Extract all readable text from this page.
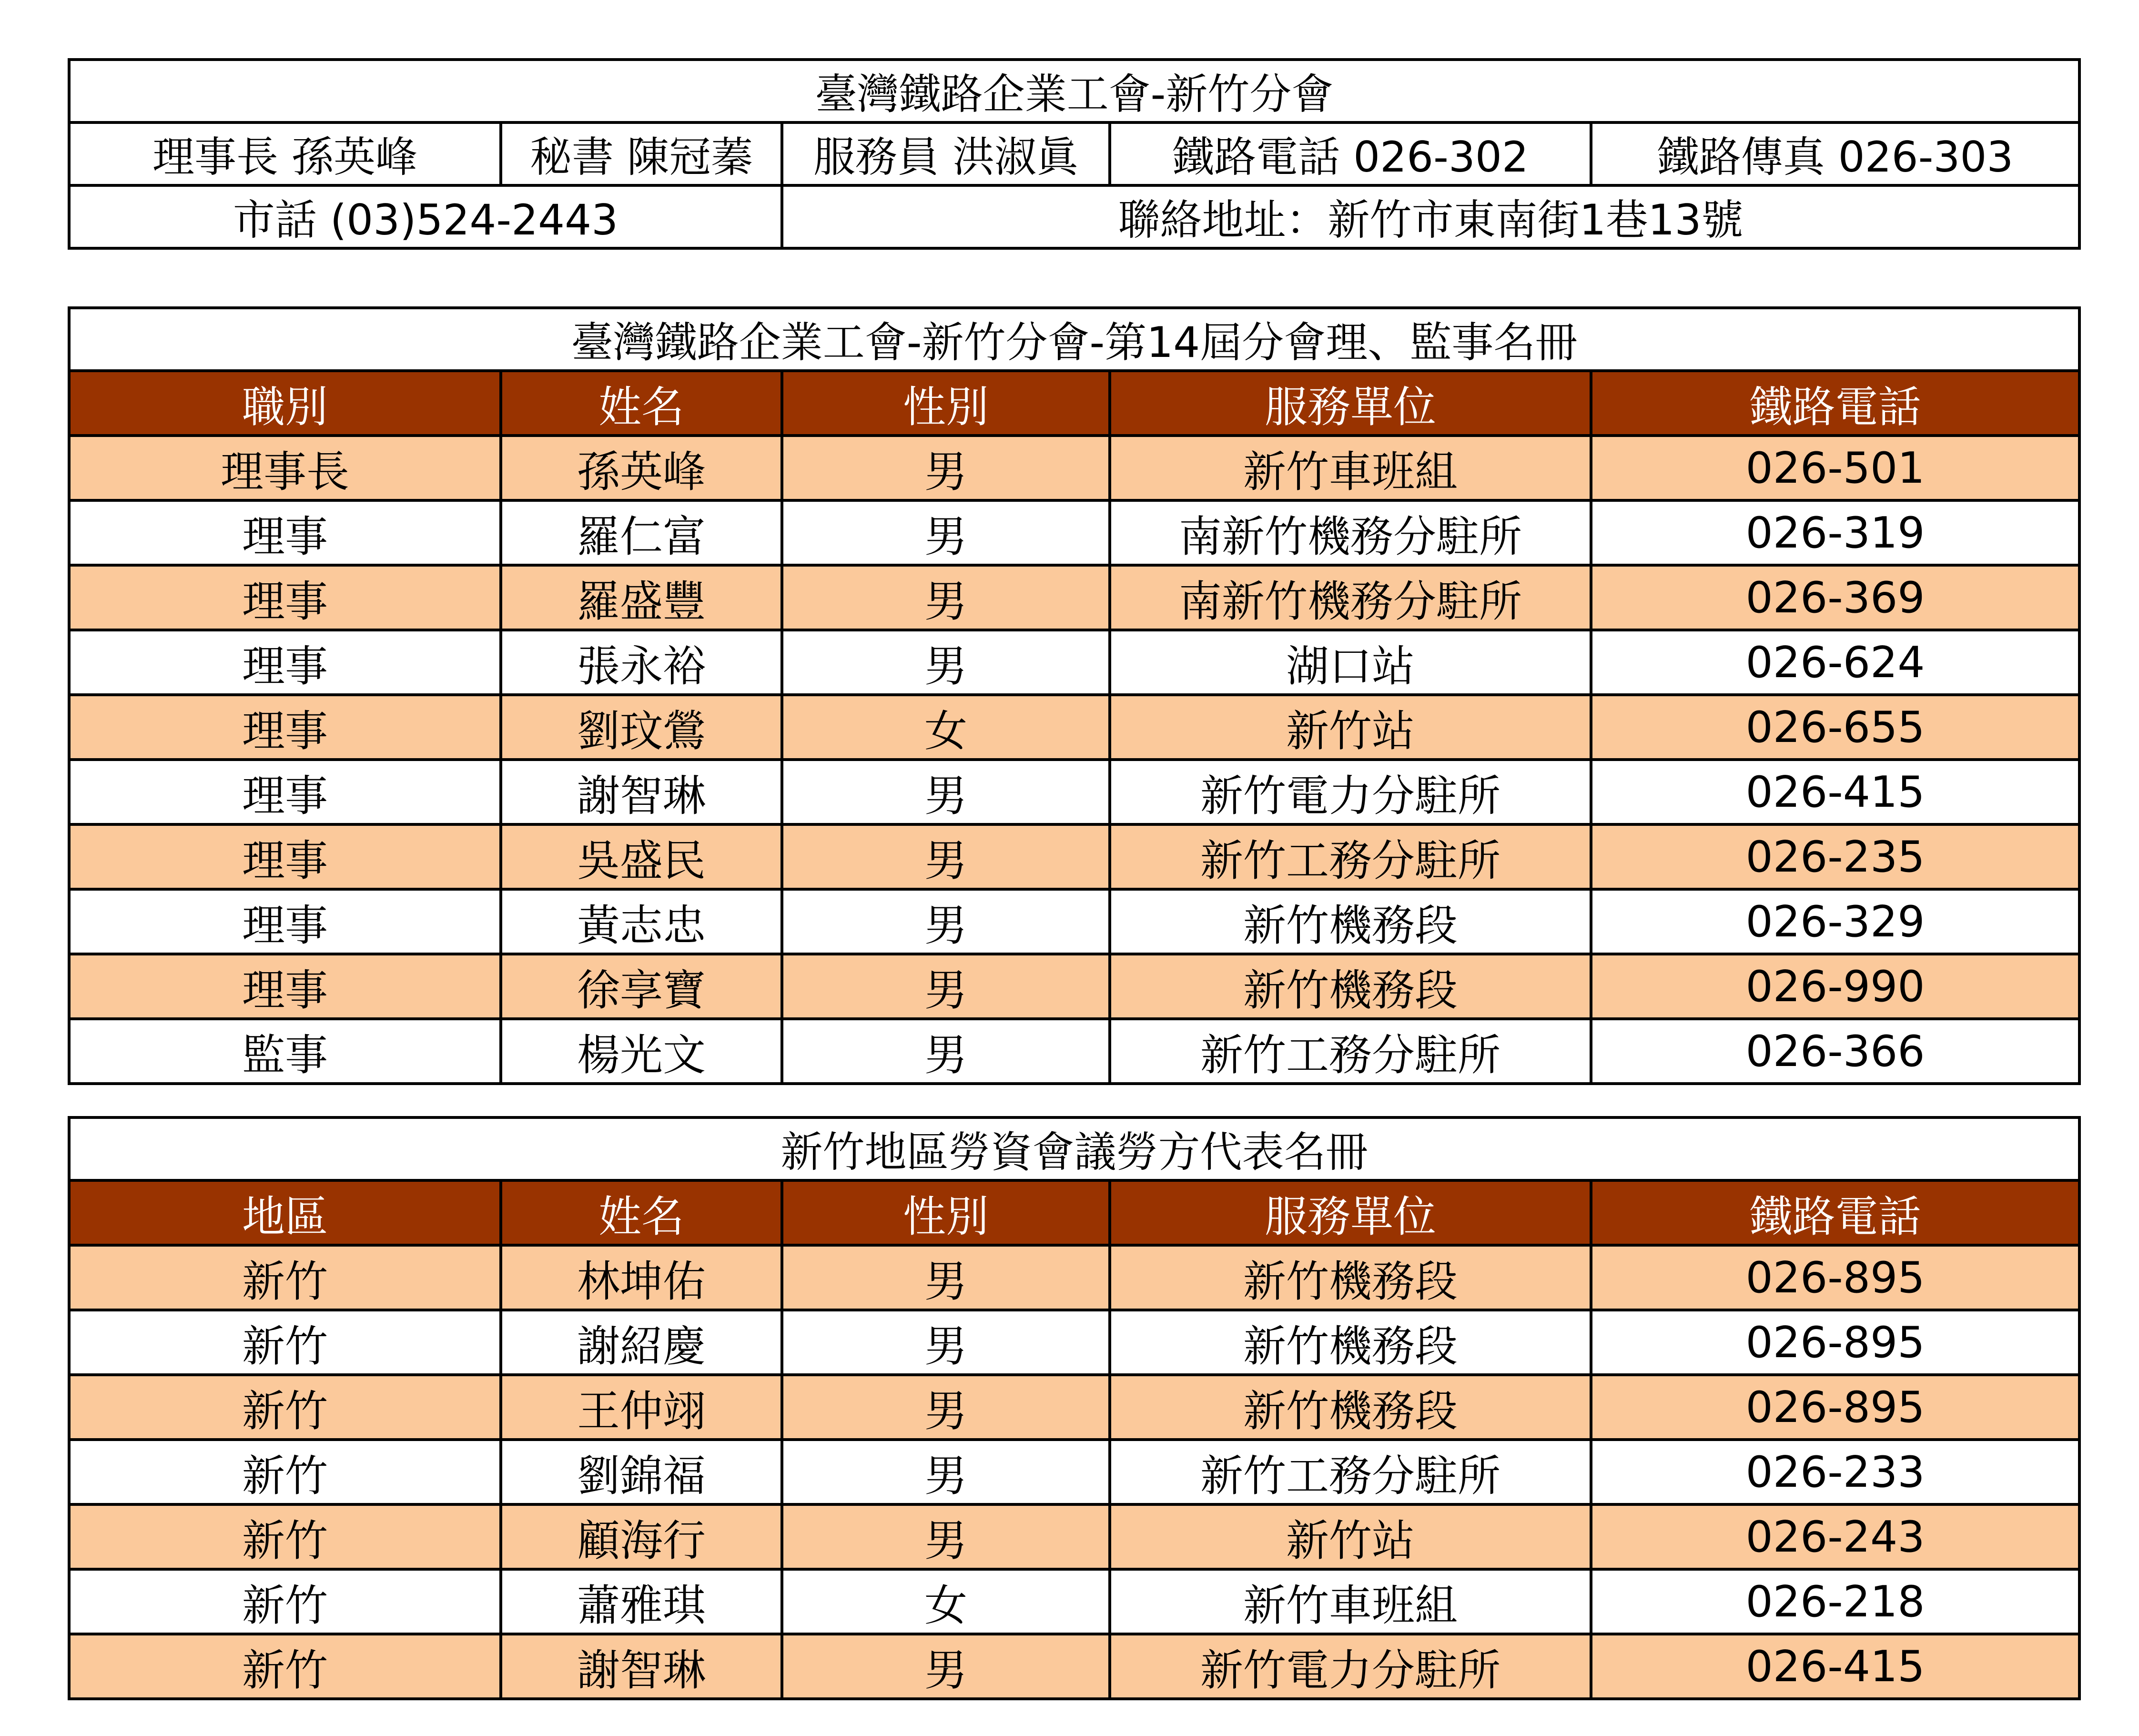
臺灣鐵路企業工會-新竹分會				
理事長 孫英峰	秘書 陳冠蓁	服務員 洪淑眞	鐵路電話 026-302	鐵路傳真 026-303
市話 (03)524-2443		聯絡地址：新竹市東南街1巷13號		
臺灣鐵路企業工會-新竹分會-第14屆分會理、監事名冊				
職別	姓名	性別	服務單位	鐵路電話
理事長	孫英峰	男	新竹車班組	026-501
理事	羅仁富	男	南新竹機務分駐所	026-319
理事	羅盛豐	男	南新竹機務分駐所	026-369
理事	張永裕	男	湖口站	026-624
理事	劉玟鶯	女	新竹站	026-655
理事	謝智琳	男	新竹電力分駐所	026-415
理事	吳盛民	男	新竹工務分駐所	026-235
理事	黃志忠	男	新竹機務段	026-329
理事	徐享寶	男	新竹機務段	026-990
監事	楊光文	男	新竹工務分駐所	026-366
新竹地區勞資會議勞方代表名冊				
地區	姓名	性別	服務單位	鐵路電話
新竹	林坤佑	男	新竹機務段	026-895
新竹	謝紹慶	男	新竹機務段	026-895
新竹	王仲翊	男	新竹機務段	026-895
新竹	劉錦福	男	新竹工務分駐所	026-233
新竹	顧海行	男	新竹站	026-243
新竹	蕭雅琪	女	新竹車班組	026-218
新竹	謝智琳	男	新竹電力分駐所	026-415
